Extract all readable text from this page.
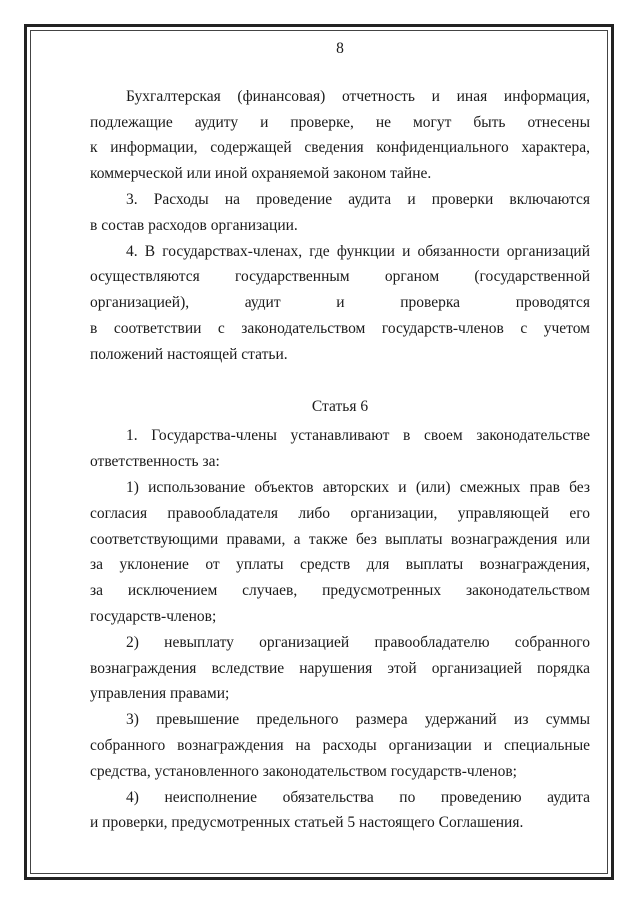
8
Бухгалтерская (финансовая) отчетность и иная информация,
подлежащие аудиту и проверке, не могут быть отнесены
к информации, содержащей сведения конфиденциального характера,
коммерческой или иной охраняемой законом тайне.
3. Расходы на проведение аудита и проверки включаются
в состав расходов организации.
4. В государствах-членах, где функции и обязанности организаций
осуществляются государственным органом (государственной
организацией), аудит и проверка проводятся
в соответствии с законодательством государств-членов с учетом
положений настоящей статьи.
Статья 6
1. Государства-члены устанавливают в своем законодательстве
ответственность за:
1) использование объектов авторских и (или) смежных прав без
согласия правообладателя либо организации, управляющей его
соответствующими правами, а также без выплаты вознаграждения или
за уклонение от уплаты средств для выплаты вознаграждения,
за исключением случаев, предусмотренных законодательством
государств-членов;
2) невыплату организацией правообладателю собранного
вознаграждения вследствие нарушения этой организацией порядка
управления правами;
3) превышение предельного размера удержаний из суммы
собранного вознаграждения на расходы организации и специальные
средства, установленного законодательством государств-членов;
4) неисполнение обязательства по проведению аудита
и проверки, предусмотренных статьей 5 настоящего Соглашения.
